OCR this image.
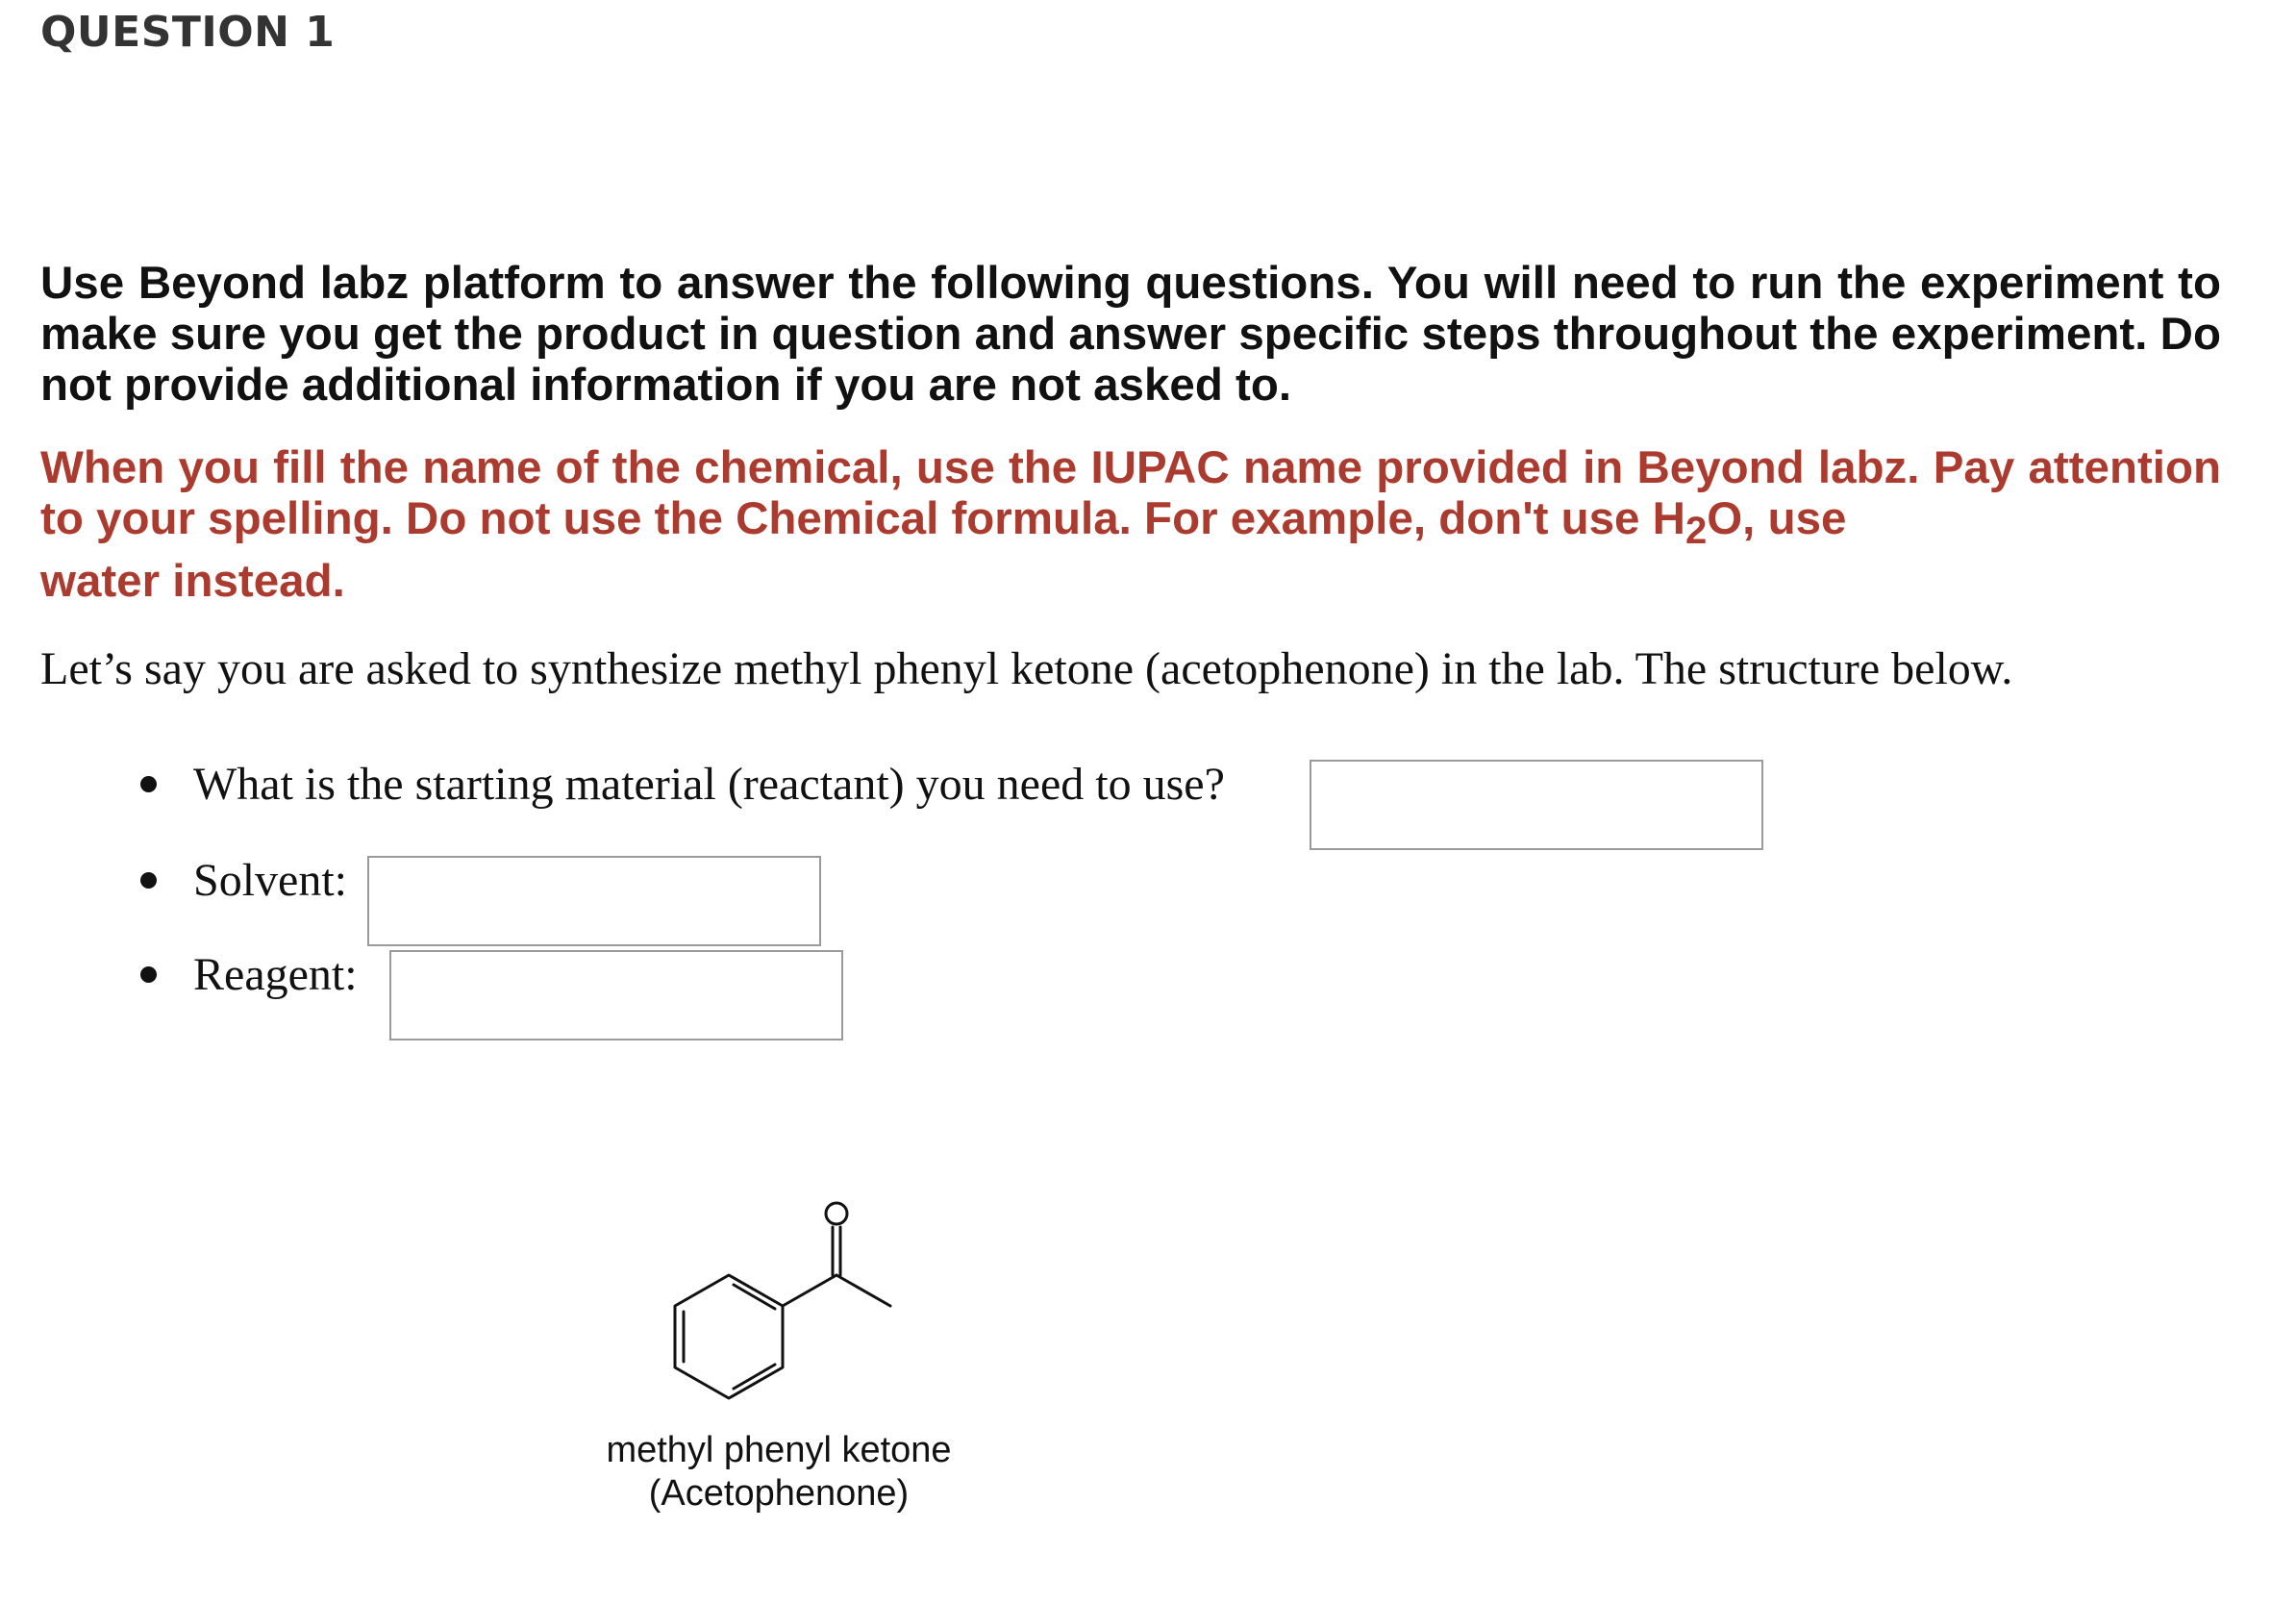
QUESTION 1

Use Beyond labz platform to answer the following questions. You will need to run the experiment to make sure you get the product in question and answer specific steps throughout the experiment. Do not provide additional information if you are not asked to.

When you fill the name of the chemical, use the IUPAC name provided in Beyond labz. Pay attention to your spelling. Do not use the Chemical formula. For example, don't use $H_2O$, use
water instead.

Let’s say you are asked to synthesize methyl phenyl ketone (acetophenone) in the lab. The structure below.

What is the starting material (reactant) you need to use?
Solvent:
Reagent:
O
methyl phenyl ketone
(Acetophenone)
